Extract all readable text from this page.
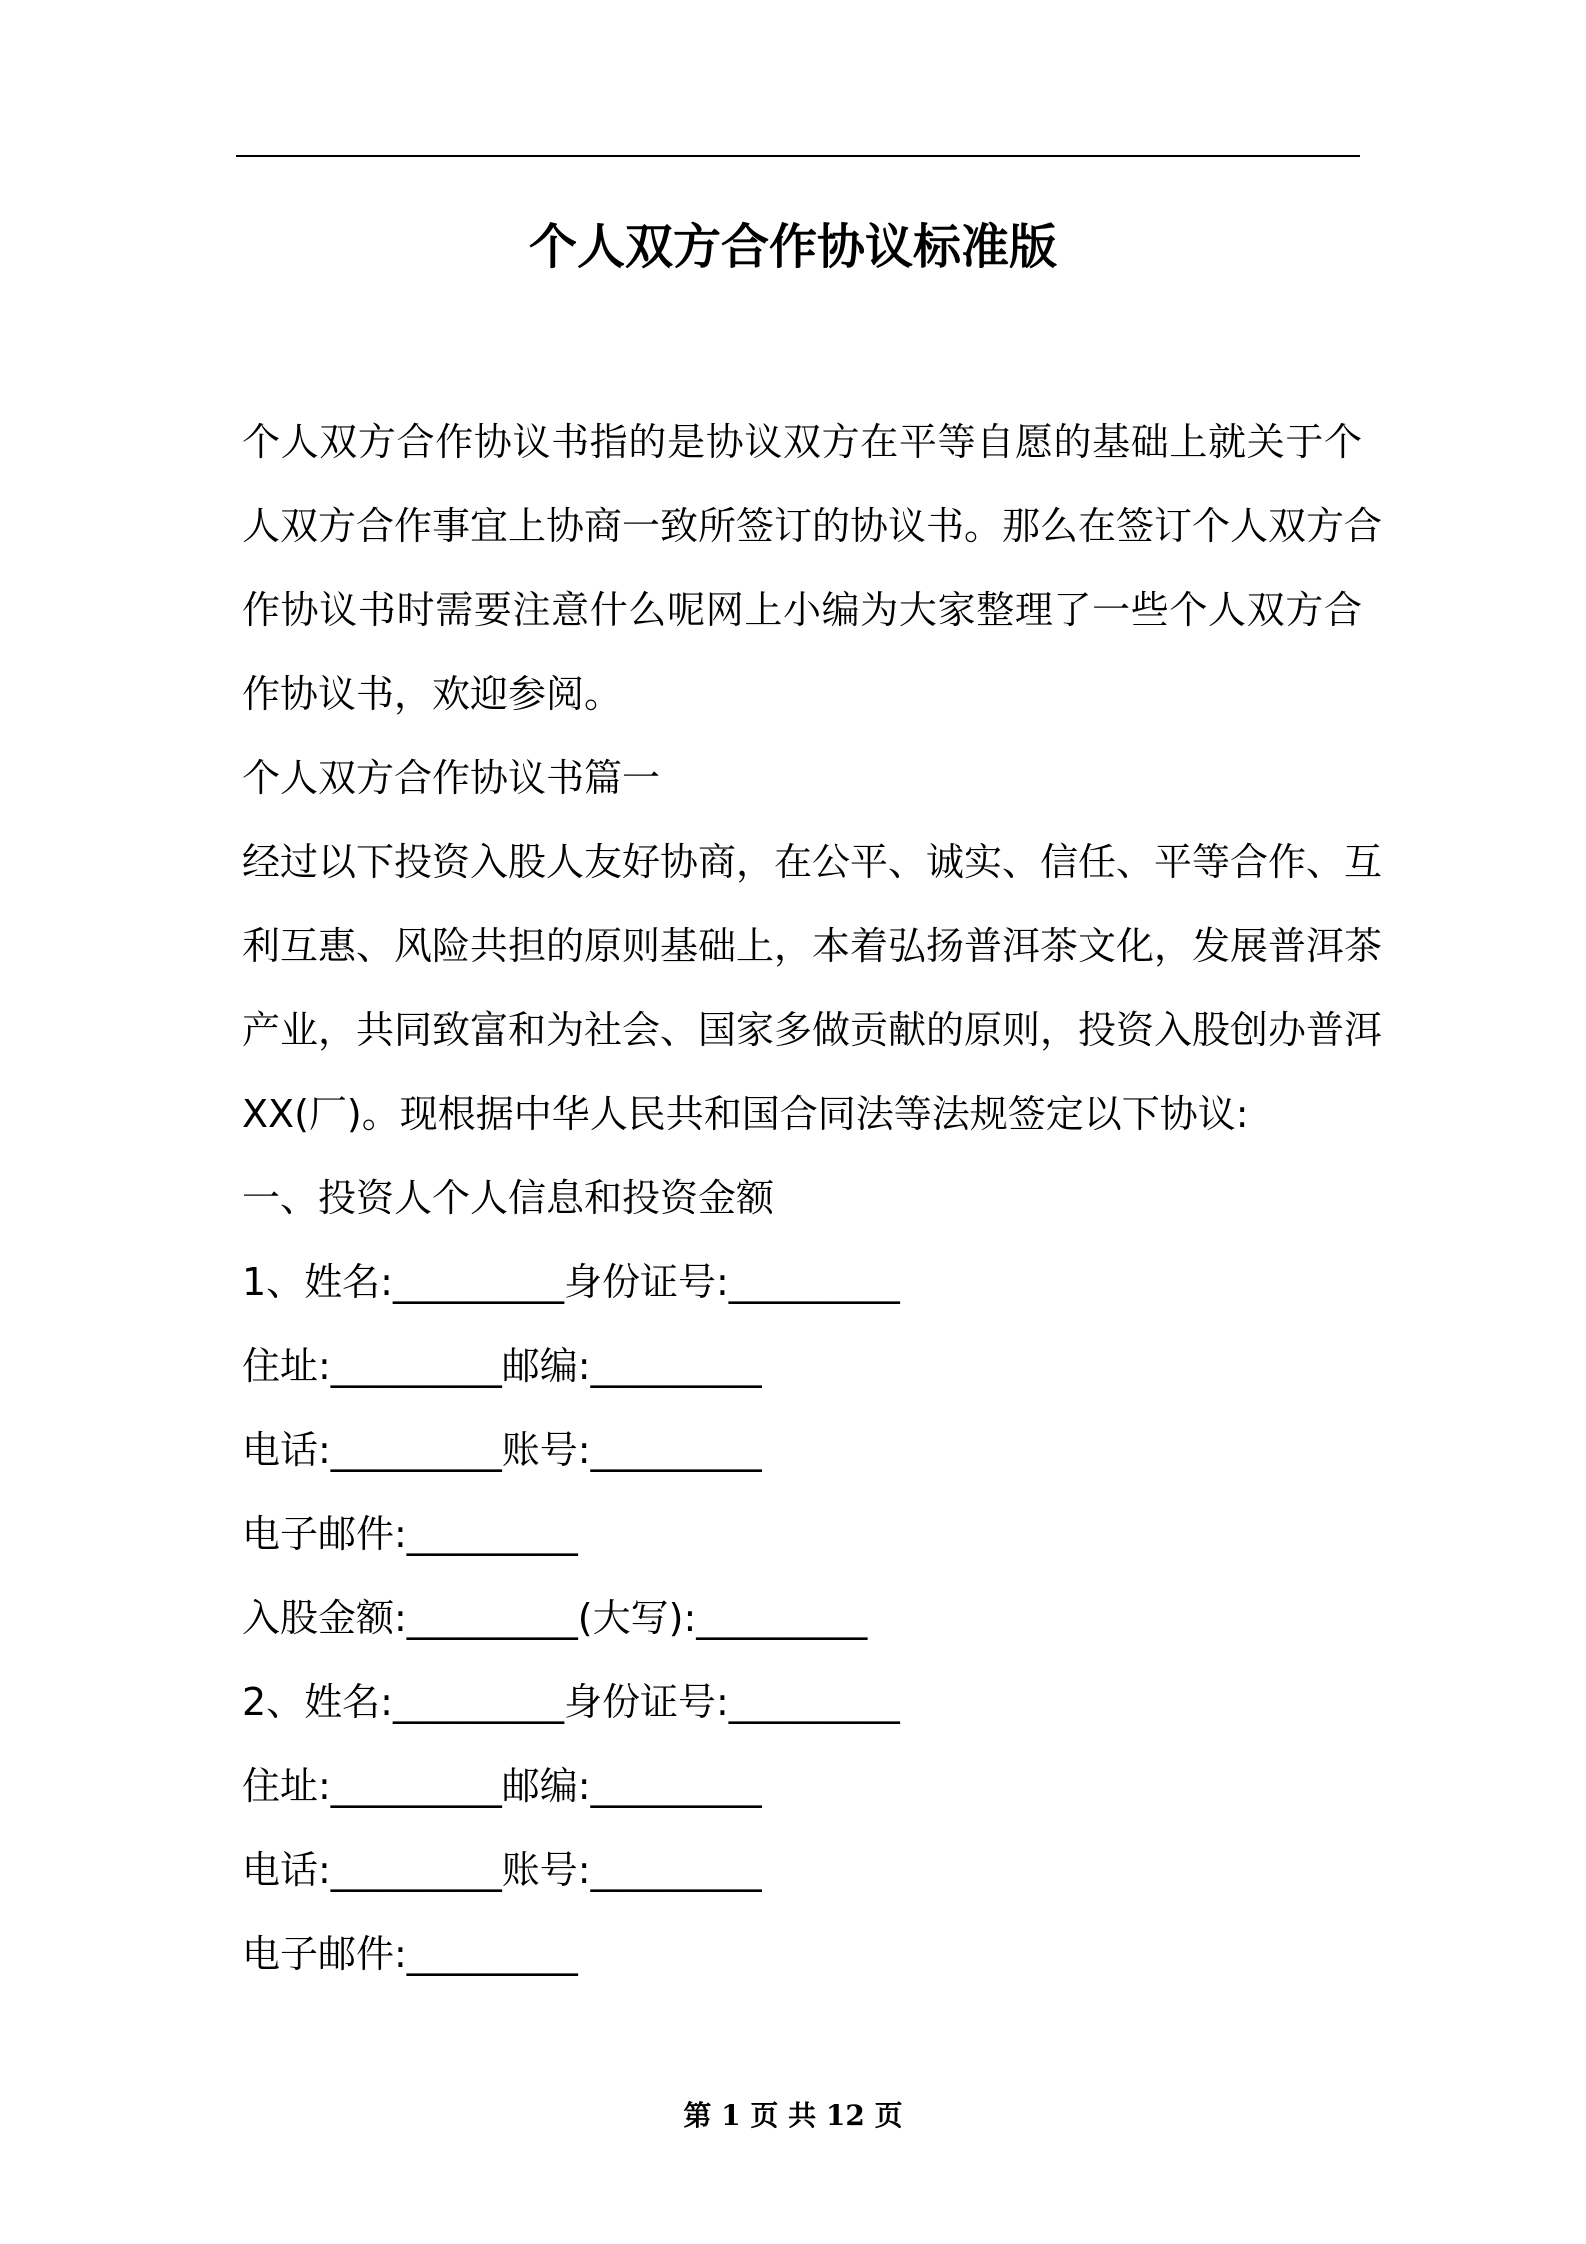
个人双方合作协议标准版
个人双方合作协议书指的是协议双方在平等自愿的基础上就关于个
人双方合作事宜上协商一致所签订的协议书。那么在签订个人双方合
作协议书时需要注意什么呢网上小编为大家整理了一些个人双方合
作协议书，欢迎参阅。
个人双方合作协议书篇一
经过以下投资入股人友好协商，在公平、诚实、信任、平等合作、互
利互惠、风险共担的原则基础上，本着弘扬普洱茶文化，发展普洱茶
产业，共同致富和为社会、国家多做贡献的原则，投资入股创办普洱
XX(厂)。现根据中华人民共和国合同法等法规签定以下协议:
一、投资人个人信息和投资金额
1、姓名:_________身份证号:_________
住址:_________邮编:_________
电话:_________账号:_________
电子邮件:_________
入股金额:_________(大写):_________
2、姓名:_________身份证号:_________
住址:_________邮编:_________
电话:_________账号:_________
电子邮件:_________
第 1 页 共 12 页
